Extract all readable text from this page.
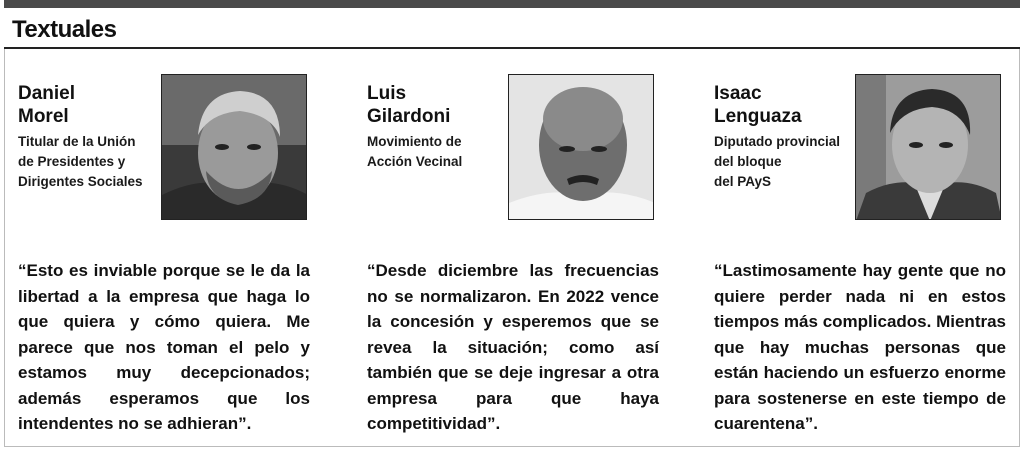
Textuales
Daniel
Morel
Titular de la Unión
de Presidentes y
Dirigentes Sociales
“Esto es inviable porque se le da la libertad a la empresa que haga lo que quiera y cómo quiera. Me parece que nos toman el pelo y estamos muy decepcionados; además esperamos que los intendentes no se adhieran”.
Luis
Gilardoni
Movimiento de
Acción Vecinal
“Desde diciembre las frecuencias no se normalizaron. En 2022 vence la concesión y esperemos que se revea la situación; como así también que se deje ingresar a otra empresa para que haya competitividad”.
Isaac
Lenguaza
Diputado provincial
del bloque
del PAyS
“Lastimosamente hay gente que no quiere perder nada ni en estos tiempos más complicados. Mientras que hay muchas personas que están haciendo un esfuerzo enorme para sostenerse en este tiempo de cuarentena”.
